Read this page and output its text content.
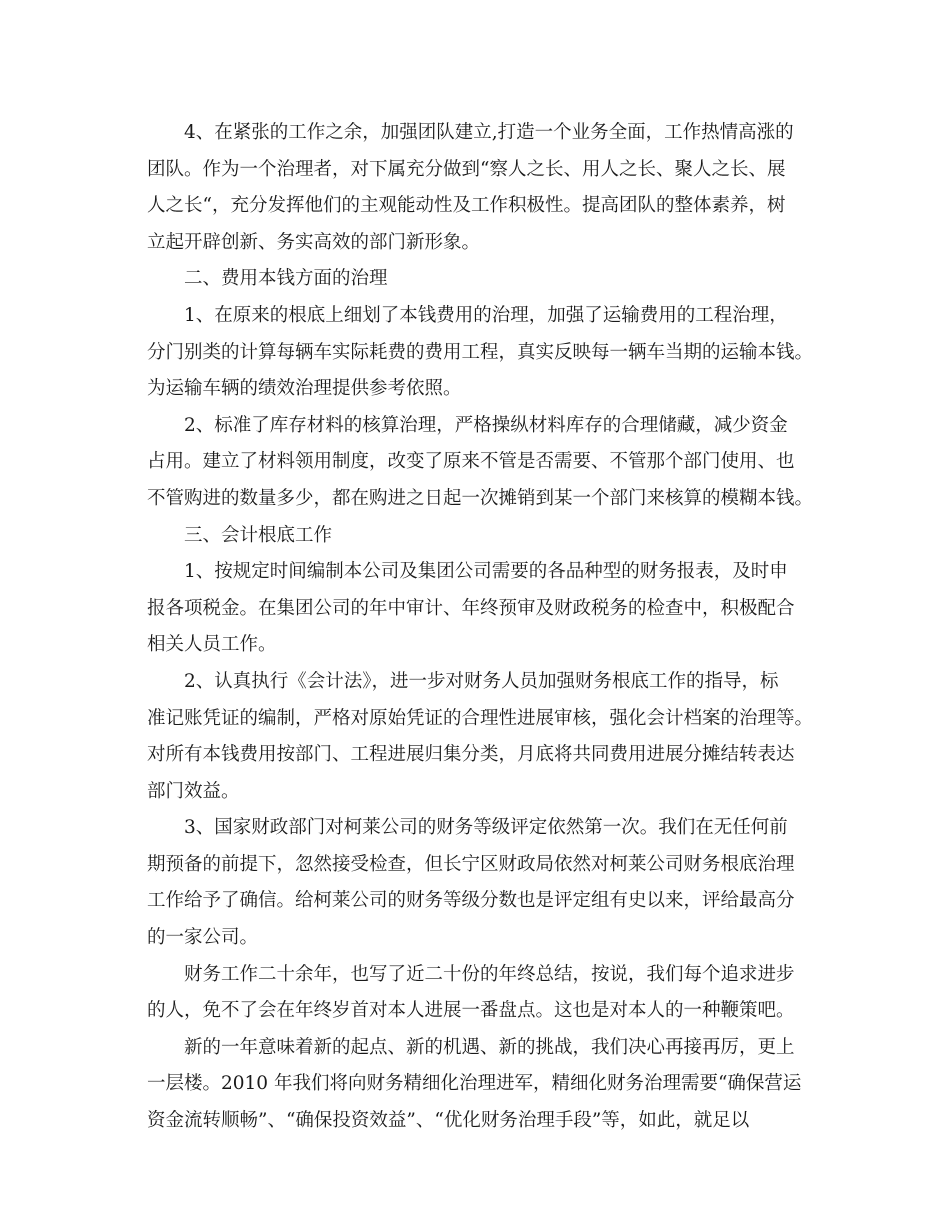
4、在紧张的工作之余，加强团队建立,打造一个业务全面，工作热情高涨的
团队。作为一个治理者，对下属充分做到“察人之长、用人之长、聚人之长、展
人之长“，充分发挥他们的主观能动性及工作积极性。提高团队的整体素养，树
立起开辟创新、务实高效的部门新形象。
二、费用本钱方面的治理
1、在原来的根底上细划了本钱费用的治理，加强了运输费用的工程治理，
分门别类的计算每辆车实际耗费的费用工程，真实反映每一辆车当期的运输本钱。
为运输车辆的绩效治理提供参考依照。
2、标准了库存材料的核算治理，严格操纵材料库存的合理储藏，减少资金
占用。建立了材料领用制度，改变了原来不管是否需要、不管那个部门使用、也
不管购进的数量多少，都在购进之日起一次摊销到某一个部门来核算的模糊本钱。
三、会计根底工作
1、按规定时间编制本公司及集团公司需要的各品种型的财务报表，及时申
报各项税金。在集团公司的年中审计、年终预审及财政税务的检查中，积极配合
相关人员工作。
2、认真执行《会计法》，进一步对财务人员加强财务根底工作的指导，标
准记账凭证的编制，严格对原始凭证的合理性进展审核，强化会计档案的治理等。
对所有本钱费用按部门、工程进展归集分类，月底将共同费用进展分摊结转表达
部门效益。
3、国家财政部门对柯莱公司的财务等级评定依然第一次。我们在无任何前
期预备的前提下，忽然接受检查，但长宁区财政局依然对柯莱公司财务根底治理
工作给予了确信。给柯莱公司的财务等级分数也是评定组有史以来，评给最高分
的一家公司。
财务工作二十余年，也写了近二十份的年终总结，按说，我们每个追求进步
的人，免不了会在年终岁首对本人进展一番盘点。这也是对本人的一种鞭策吧。
新的一年意味着新的起点、新的机遇、新的挑战，我们决心再接再厉，更上
一层楼。2010 年我们将向财务精细化治理进军，精细化财务治理需要“确保营运
资金流转顺畅”、“确保投资效益”、“优化财务治理手段”等，如此，就足以
